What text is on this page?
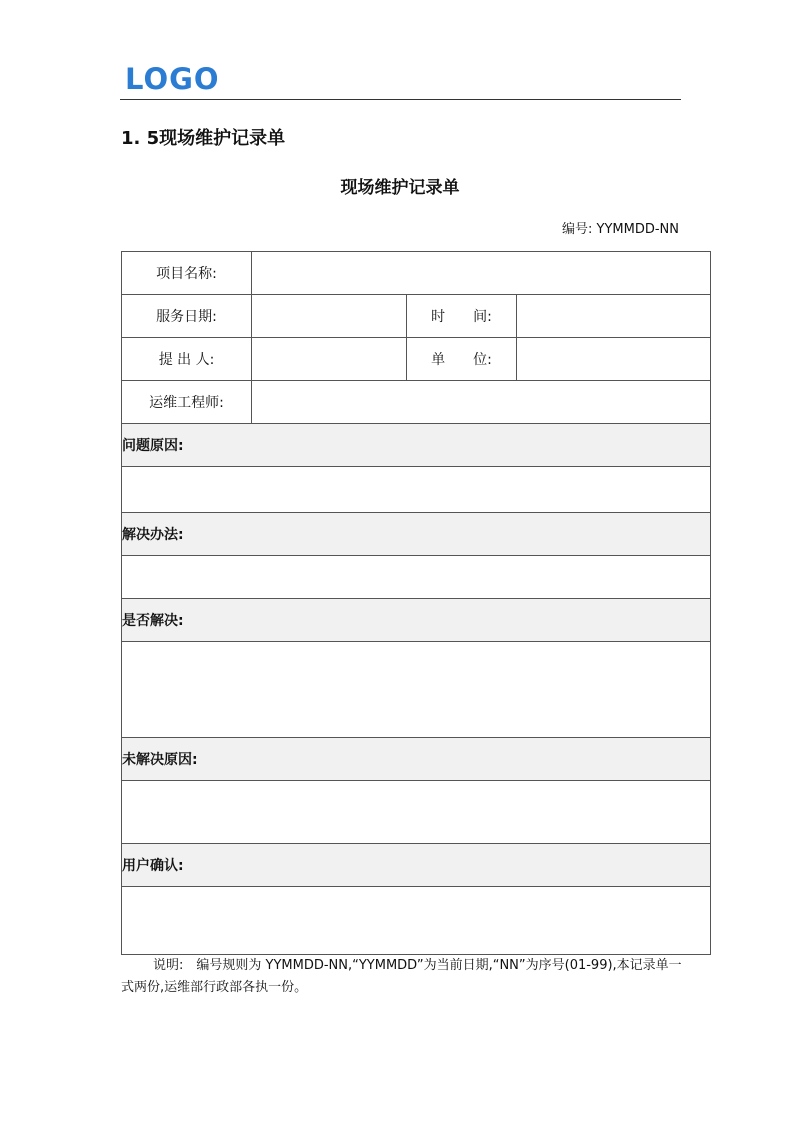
LOGO
1. 5现场维护记录单
现场维护记录单
编号: YYMMDD-NN
项目名称:			
服务日期:		时　　间:	
提 出 人:		单　　位:	
运维工程师:			
问题原因:			

解决办法:			

是否解决:			

未解决原因:			

用户确认:			

说明:　编号规则为 YYMMDD-NN,“YYMMDD”为当前日期,“NN”为序号(01-99),本记录单一式两份,运维部行政部各执一份。
